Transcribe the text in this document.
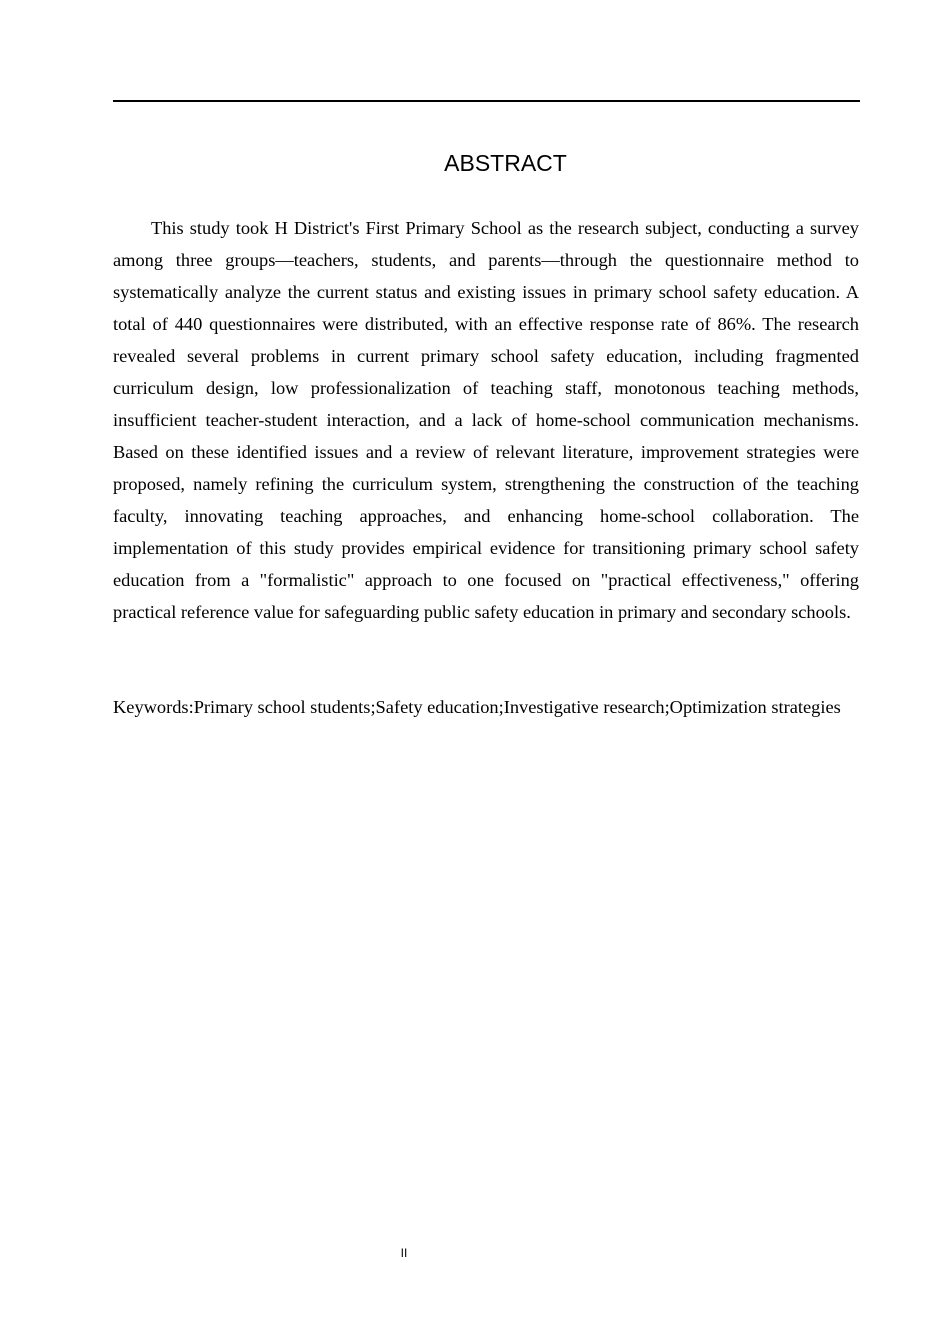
ABSTRACT

This study took H District's First Primary School as the research subject, conducting a survey among three groups—teachers, students, and parents—through the questionnaire method to systematically analyze the current status and existing issues in primary school safety education. A total of 440 questionnaires were distributed, with an effective response rate of 86%. The research revealed several problems in current primary school safety education, including fragmented curriculum design, low professionalization of teaching staff, monotonous teaching methods, insufficient teacher-student interaction, and a lack of home-school communication mechanisms. Based on these identified issues and a review of relevant literature, improvement strategies were proposed, namely refining the curriculum system, strengthening the construction of the teaching faculty, innovating teaching approaches, and enhancing home-school collaboration. The implementation of this study provides empirical evidence for transitioning primary school safety education from a "formalistic" approach to one focused on "practical effectiveness," offering practical reference value for safeguarding public safety education in primary and secondary schools.

Keywords:Primary school students;Safety education;Investigative research;Optimization strategies

II
